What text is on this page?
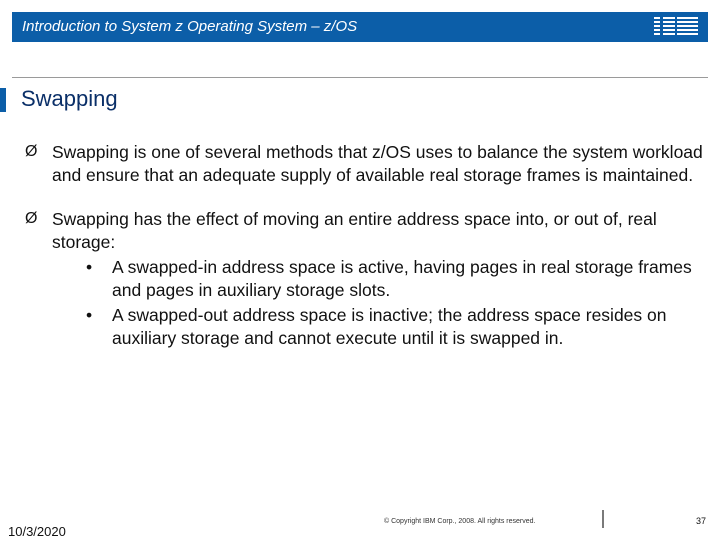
Introduction to System z Operating System – z/OS
Swapping
Ø Swapping is one of several methods that z/OS uses to balance the system workload and ensure that an adequate supply of available real storage frames is maintained.
Ø Swapping has the effect of moving an entire address space into, or out of, real storage:
• A swapped-in address space is active, having pages in real storage frames and pages in auxiliary storage slots.
• A swapped-out address space is inactive; the address space resides on auxiliary storage and cannot execute until it is swapped in.
10/3/2020
© Copyright IBM Corp., 2008. All rights reserved.	37
